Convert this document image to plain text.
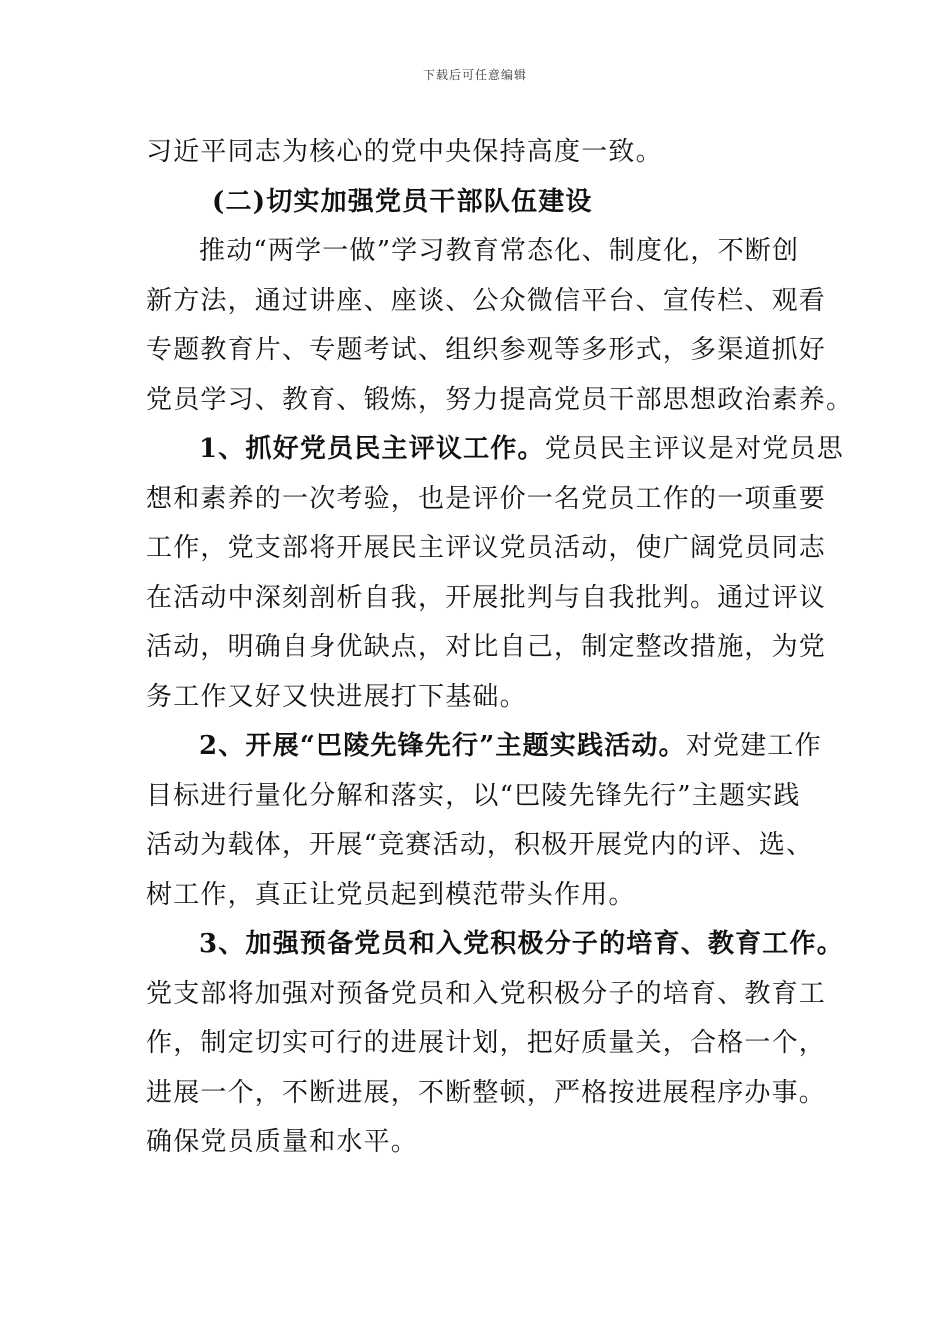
下载后可任意编辑
习近平同志为核心的党中央保持高度一致。
(二)切实加强党员干部队伍建设
推动“两学一做”学习教育常态化、制度化，不断创
新方法，通过讲座、座谈、公众微信平台、宣传栏、观看
专题教育片、专题考试、组织参观等多形式，多渠道抓好
党员学习、教育、锻炼，努力提高党员干部思想政治素养。
1、抓好党员民主评议工作。党员民主评议是对党员思
想和素养的一次考验，也是评价一名党员工作的一项重要
工作，党支部将开展民主评议党员活动，使广阔党员同志
在活动中深刻剖析自我，开展批判与自我批判。通过评议
活动，明确自身优缺点，对比自己，制定整改措施，为党
务工作又好又快进展打下基础。
2、开展“巴陵先锋先行”主题实践活动。对党建工作
目标进行量化分解和落实，以“巴陵先锋先行”主题实践
活动为载体，开展“竞赛活动，积极开展党内的评、选、
树工作，真正让党员起到模范带头作用。
3、加强预备党员和入党积极分子的培育、教育工作。
党支部将加强对预备党员和入党积极分子的培育、教育工
作，制定切实可行的进展计划，把好质量关，合格一个，
进展一个，不断进展，不断整顿，严格按进展程序办事。
确保党员质量和水平。
